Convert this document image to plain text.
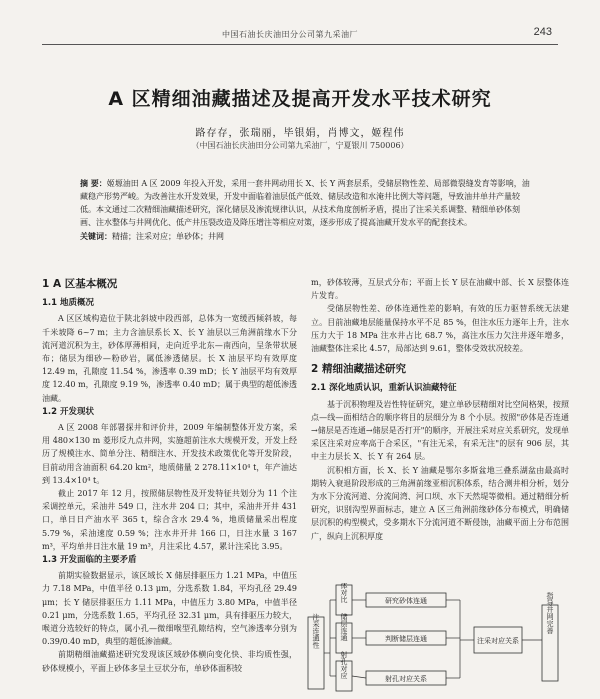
中国石油长庆油田分公司第九采油厂	243
A 区精细油藏描述及提高开发水平技术研究
路存存，张瑞丽，毕银娟，肖博文，姬程伟
（中国石油长庆油田分公司第九采油厂，宁夏银川 750006）

摘 要：姬塬油田 A 区 2009 年投入开发，采用一套井网动用长 X、长 Y 两套层系，受储层物性差、局部微裂缝发育等影响，油藏稳产形势严峻。为改善注水开发效果，开发中面临着油层低产低效、储层改造和水淹井比例大等问题，导致油井单井产量较低。本文通过二次精细油藏描述研究，深化储层及渗流规律认识，从技术角度剖析矛盾，提出了注采关系调整、精细单砂体刻画、注水整体与井网优化、低产井压裂改造及降压增注等相应对策，逐步形成了提高油藏开发水平的配套技术。

关键词：精描；注采对应；单砂体；井网

1 A 区基本概况
1.1 地质概况

A 区区域构造位于陕北斜坡中段西部，总体为一宽缓西倾斜坡，每千米坡降 6~7 m；主力含油层系长 X、长 Y 油层以三角洲前缘水下分流河道沉积为主，砂体厚薄相间，走向近乎北东—南西向，呈条带状展布；储层为细砂—粉砂岩，属低渗透储层。长 X 油层平均有效厚度 12.49 m，孔隙度 11.54 %，渗透率 0.39 mD；长 Y 油层平均有效厚度 12.40 m，孔隙度 9.19 %，渗透率 0.40 mD；属于典型的超低渗透油藏。

1.2 开发现状

A 区 2008 年部署探井和评价井，2009 年编制整体开发方案，采用 480×130 m 菱形反九点井网，实施超前注水大规模开发，开发上经历了规模注水、简单分注、精细注水、开发技术政策优化等开发阶段，目前动用含油面积 64.20 km²，地质储量 2 278.11×10⁴ t，年产油达到 13.4×10⁴ t。

截止 2017 年 12 月，按照储层物性及开发特征共划分为 11 个注采调控单元，采油井 549 口，注水井 204 口；其中，采油井开井 431 口，单日日产油水平 365 t，综合含水 29.4 %，地质储量采出程度 5.79 %，采油速度 0.59 %；注水井开井 166 口，日注水量 3 167 m³，平均单井日注水量 19 m³，月注采比 4.57，累计注采比 3.95。

1.3 开发面临的主要矛盾

前期实验数据显示，该区域长 X 储层排驱压力 1.21 MPa，中值压力 7.18 MPa，中值半径 0.13 μm，分选系数 1.84，平均孔径 29.49 μm；长 Y 储层排驱压力 1.11 MPa，中值压力 3.80 MPa，中值半径 0.21 μm，分选系数 1.65，平均孔径 32.31 μm，具有排驱压力较大，喉道分选较好的特点，属小孔—微细喉型孔隙结构，空气渗透率分别为 0.39/0.40 mD，典型的超低渗油藏。

前期精细油藏描述研究发现该区域砂体横向变化快、非均质性强，砂体规模小，平面上砂体多呈土豆状分布，单砂体面积较

m，砂体较薄，互层式分布；平面上长 Y 层在油藏中部、长 X 层整体连片发育。

受储层物性差、砂体连通性差的影响，有效的压力驱替系统无法建立。目前油藏地层能量保持水平不足 85 %，但注水压力逐年上升，注水压力大于 18 MPa 注水井占比 68.7 %，高注水压力欠注井逐年增多，油藏整体注采比 4.57，局部达到 9.61，整体受效状况较差。

2 精细油藏描述研究
2.1 深化地质认识，重新认识油藏特征

基于沉积物理及岩性特征研究，建立单砂层精细对比空间格架，按照点—线—面相结合的顺序将目的层细分为 8 个小层。按照"砂体是否连通→储层是否连通→储层是否打开"的顺序，开展注采对应关系研究，发现单采区注采对应率高于合采区，"有注无采，有采无注"的层有 906 层，其中主力层长 X、长 Y 有 264 层。

沉积相方面，长 X、长 Y 油藏是鄂尔多斯盆地三叠系湖盆由最高时期转入衰退阶段形成的三角洲前缘亚相沉积体系，结合测井相分析，划分为水下分流河道、分流间湾、河口坝、水下天然堤等微相。通过精细分析研究，识别沟型界面标志，建立 A 区三角洲前缘砂体分布模式，明确储层沉积的构型模式，受多期水下分流河道不断侵蚀，油藏平面上分布范围广，纵向上沉积厚度

注采连通性
砂体对比	研究砂体连通
储层连通	判断储层连通
射孔对应	射孔对应关系
注采对应关系
指导井网完善
